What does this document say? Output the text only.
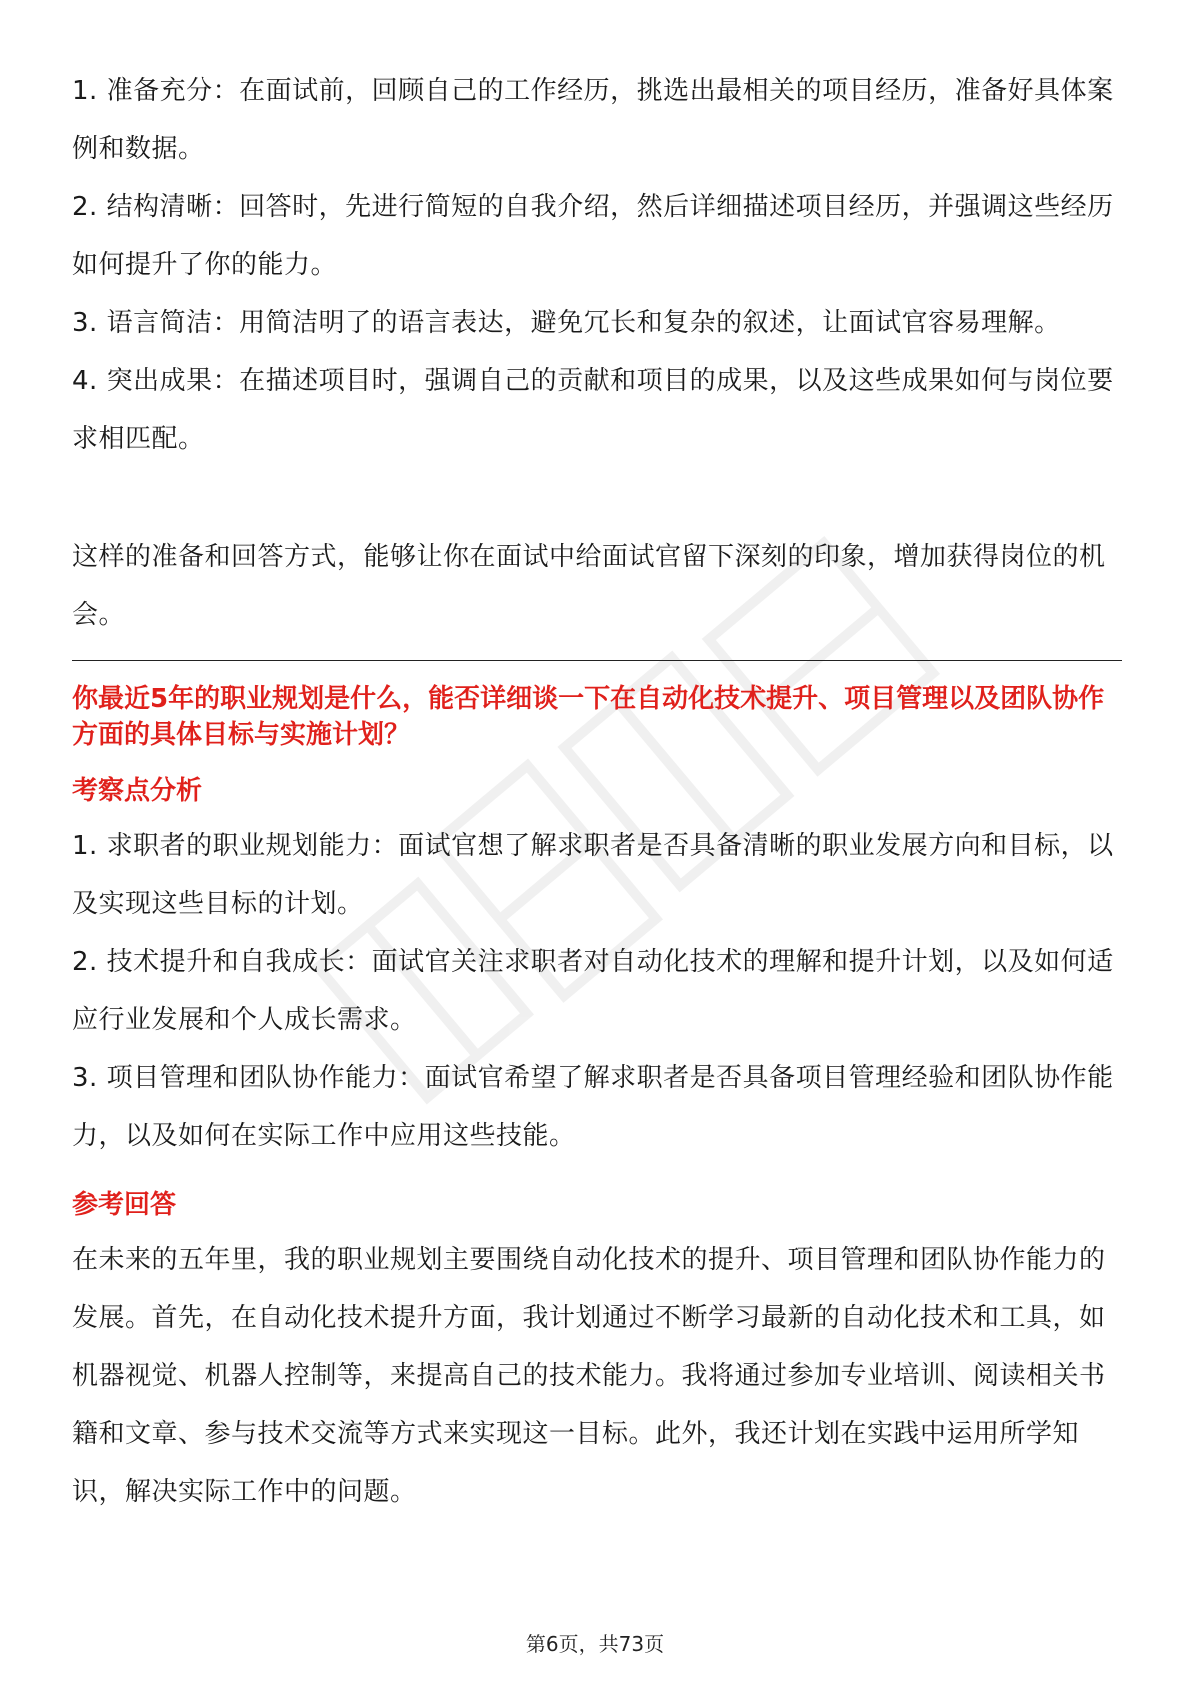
1. 准备充分：在面试前，回顾自己的工作经历，挑选出最相关的项目经历，准备好具体案例和数据。

2. 结构清晰：回答时，先进行简短的自我介绍，然后详细描述项目经历，并强调这些经历如何提升了你的能力。

3. 语言简洁：用简洁明了的语言表达，避免冗长和复杂的叙述，让面试官容易理解。

4. 突出成果：在描述项目时，强调自己的贡献和项目的成果，以及这些成果如何与岗位要求相匹配。

这样的准备和回答方式，能够让你在面试中给面试官留下深刻的印象，增加获得岗位的机会。

你最近5年的职业规划是什么，能否详细谈一下在自动化技术提升、项目管理以及团队协作方面的具体目标与实施计划？

考察点分析

1. 求职者的职业规划能力：面试官想了解求职者是否具备清晰的职业发展方向和目标，以及实现这些目标的计划。

2. 技术提升和自我成长：面试官关注求职者对自动化技术的理解和提升计划，以及如何适应行业发展和个人成长需求。

3. 项目管理和团队协作能力：面试官希望了解求职者是否具备项目管理经验和团队协作能力，以及如何在实际工作中应用这些技能。

参考回答

在未来的五年里，我的职业规划主要围绕自动化技术的提升、项目管理和团队协作能力的发展。首先，在自动化技术提升方面，我计划通过不断学习最新的自动化技术和工具，如机器视觉、机器人控制等，来提高自己的技术能力。我将通过参加专业培训、阅读相关书籍和文章、参与技术交流等方式来实现这一目标。此外，我还计划在实践中运用所学知识，解决实际工作中的问题。

第6页，共73页
